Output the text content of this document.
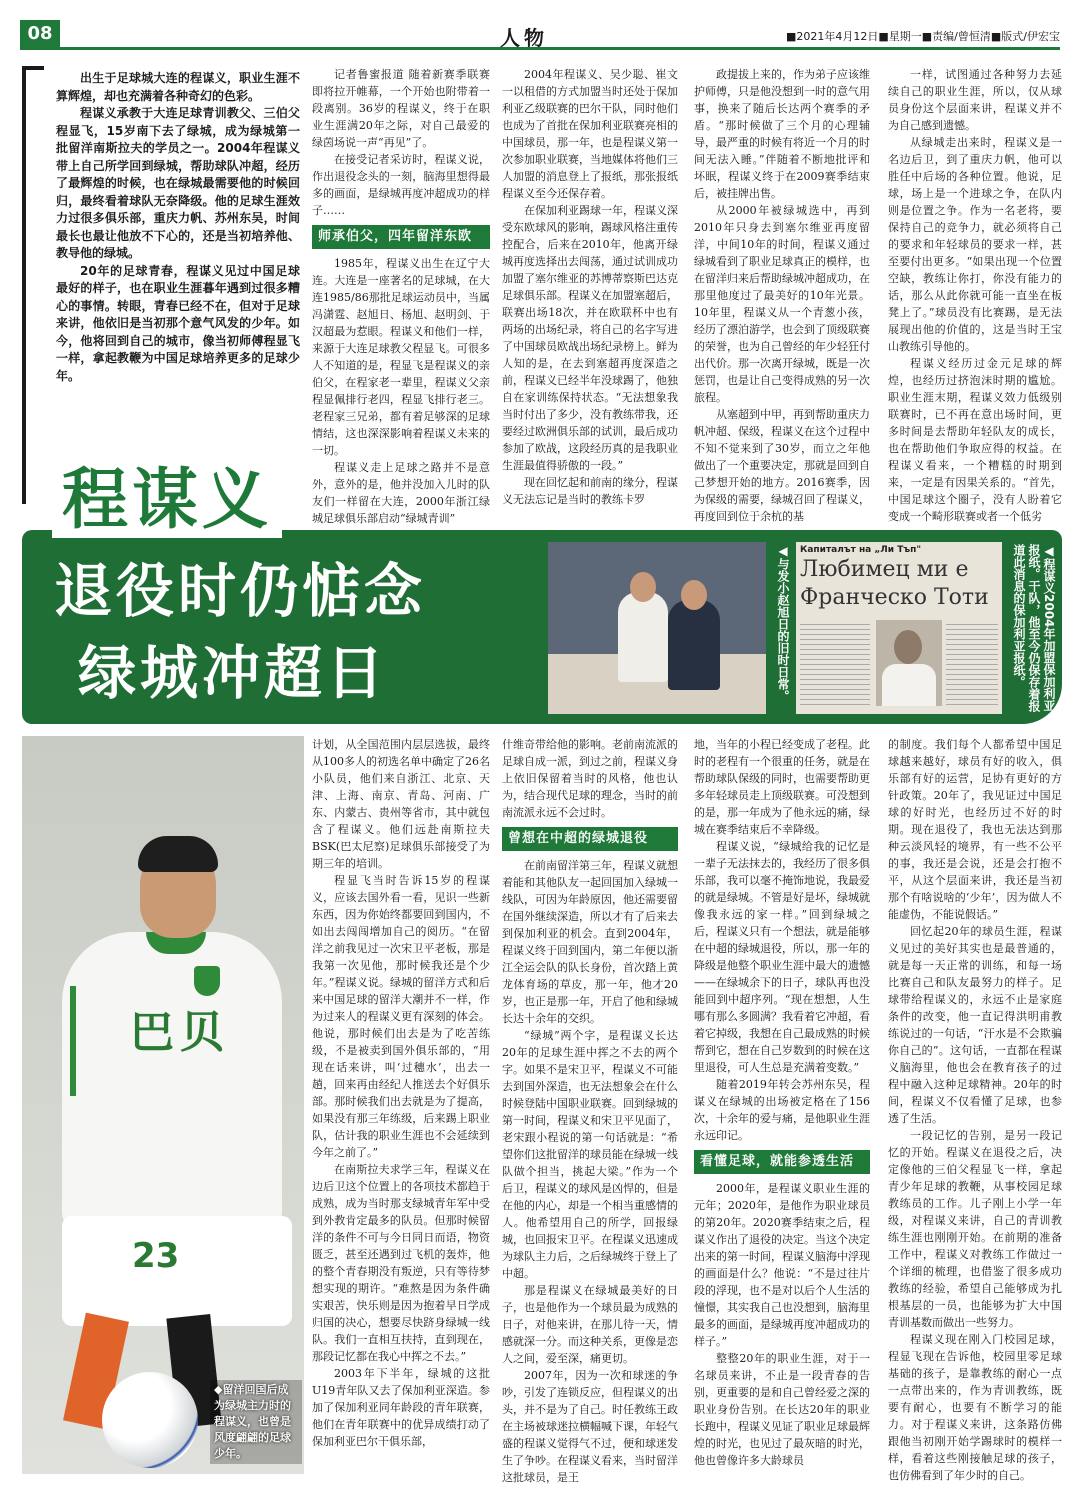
08	人物	■2021年4月12日■星期一■责编/曾恒清■版式/伊宏宝

出生于足球城大连的程谋义，职业生涯不算辉煌，却也充满着各种奇幻的色彩。

程谋义承教于大连足球青训教父、三伯父程显飞，15岁南下去了绿城，成为绿城第一批留洋南斯拉夫的学员之一。2004年程谋义带上自己所学回到绿城，帮助球队冲超，经历了最辉煌的时候，也在绿城最需要他的时候回归，最终看着球队无奈降级。他的足球生涯效力过很多俱乐部，重庆力帆、苏州东吴，时间最长也最让他放不下心的，还是当初培养他、教导他的绿城。

20年的足球青春，程谋义见过中国足球最好的样子，也在职业生涯暮年遇到过很多糟心的事情。转眼，青春已经不在，但对于足球来讲，他依旧是当初那个意气风发的少年。如今，他将回到自己的城市，像当初师傅程显飞一样，拿起教鞭为中国足球培养更多的足球少年。

记者鲁蜜报道 随着新赛季联赛即将拉开帷幕，一个开始也附带着一段离别。36岁的程谋义，终于在职业生涯满20年之际，对自己最爱的绿茵场说一声“再见”了。

在接受记者采访时，程谋义说，作出退役念头的一刻，脑海里想得最多的画面，是绿城再度冲超成功的样子……

师承伯父，四年留洋东欧

1985年，程谋义出生在辽宁大连。大连是一座著名的足球城，在大连1985/86那批足球运动员中，当属冯潇霆、赵旭日、杨旭、赵明剑、于汉超最为惹眼。程谋义和他们一样，来源于大连足球教父程显飞。可很多人不知道的是，程显飞是程谋义的亲伯父，在程家老一辈里，程谋义父亲程显佩排行老四，程显飞排行老三。老程家三兄弟，都有着足够深的足球情结，这也深深影响着程谋义未来的一切。

程谋义走上足球之路并不是意外，意外的是，他并没加入儿时的队友们一样留在大连，2000年浙江绿城足球俱乐部启动“绿城青训”

2004年程谋义、吴少聪、崔文一以租借的方式加盟当时还处于保加利亚乙级联赛的巴尔干队，同时他们也成为了首批在保加利亚联赛亮相的中国球员，那一年，也是程谋义第一次参加职业联赛，当地媒体将他们三人加盟的消息登上了报纸，那张报纸程谋义至今还保存着。

在保加利亚踢球一年，程谋义深受东欧球风的影响，踢球风格注重传控配合，后来在2010年，他离开绿城再度选择出去闯荡，通过试训成功加盟了塞尔维亚的苏博蒂察斯巴达克足球俱乐部。程谋义在加盟塞超后，联赛出场18次，并在欧联杯中也有两场的出场纪录，将自己的名字写进了中国球员欧战出场纪录榜上。鲜为人知的是，在去到塞超再度深造之前，程谋义已经半年没球踢了，他独自在家训练保持状态。“无法想象我当时付出了多少，没有教练带我，还要经过欧洲俱乐部的试训，最后成功参加了欧战，这段经历真的是我职业生涯最值得骄傲的一段。”

现在回忆起和前南的缘分，程谋义无法忘记是当时的教练卡罗

政提拔上来的，作为弟子应该维护师傅，只是他没想到一时的意气用事，换来了随后长达两个赛季的矛盾。“那时候做了三个月的心理辅导，最严重的时候有将近一个月的时间无法入睡。”伴随着不断地批评和坏眠，程谋义终于在2009赛季结束后，被挂牌出售。

从2000年被绿城选中，再到2010年只身去到塞尔维亚再度留洋，中间10年的时间，程谋义通过绿城看到了职业足球真正的模样，也在留洋归来后帮助绿城冲超成功，在那里他度过了最美好的10年光景。10年里，程谋义从一个青葱小孩，经历了漂泊游学，也会到了顶级联赛的荣誉，也为自己曾经的年少轻狂付出代价。那一次离开绿城，既是一次惩罚，也是让自己变得成熟的另一次旅程。

从塞超到中甲，再到帮助重庆力帆冲超、保级，程谋义在这个过程中不知不觉来到了30岁，而立之年他做出了一个重要决定，那就是回到自己梦想开始的地方。2016赛季，因为保级的需要，绿城召回了程谋义，再度回到位于余杭的基

一样，试图通过各种努力去延续自己的职业生涯，所以，仅从球员身份这个层面来讲，程谋义并不为自己感到遗憾。

从绿城走出来时，程谋义是一名边后卫，到了重庆力帆，他可以胜任中后场的各种位置。他说，足球，场上是一个进球之争，在队内则是位置之争。作为一名老将，要保持自己的竞争力，就必须将自己的要求和年轻球员的要求一样，甚至要付出更多。“如果出现一个位置空缺，教练让你打，你没有能力的话，那么从此你就可能一直坐在板凳上了。”球员没有比赛踢，是无法展现出他的价值的，这是当时王宝山教练引导他的。

程谋义经历过金元足球的辉煌，也经历过挤泡沫时期的尴尬。职业生涯末期，程谋义效力低级别联赛时，已不再在意出场时间，更多时间是去帮助年轻队友的成长，也在帮助他们争取应得的权益。在程谋义看来，一个糟糕的时期到来，一定是有因果关系的。“首先，中国足球这个圈子，没有人盼着它变成一个畸形联赛或者一个低劣

程谋义
退役时仍惦念
绿城冲超日	◀与发小赵旭日的旧时日常。 Капиталът на „Ли Тъп"
Любимец ми е Франческо Тоти	◀程谋义2004年加盟保加利亚报纸。干队，他至今仍保存着报道此消息的保加利亚报纸。
巴贝
23
◆留洋回国后成为绿城主力时的程谋义，也曾是风度翩翩的足球少年。

计划，从全国范围内层层选拔，最终从100多人的初选名单中确定了26名小队员，他们来自浙江、北京、天津、上海、南京、青岛、河南、广东、内蒙古、贵州等省市，其中就包含了程谋义。他们远赴南斯拉夫BSK(巴太尼察)足球俱乐部接受了为期三年的培训。

程显飞当时告诉15岁的程谋义，应该去国外看一看，见识一些新东西，因为你始终都要回到国内，不如出去闯闯增加自己的阅历。“在留洋之前我见过一次宋卫平老板，那是我第一次见他，那时候我还是个少年。”程谋义说。绿城的留洋方式和后来中国足球的留洋大潮并不一样，作为过来人的程谋义更有深刻的体会。他说，那时候们出去是为了吃苦练级，不是被卖到国外俱乐部的，“用现在话来讲，叫‘过穗水’，出去一趟，回来再由经纪人推送去个好俱乐部。那时候我们出去就是为了提高，如果没有那三年练级，后来踢上职业队，估计我的职业生涯也不会延续到今年之前了。”

在南斯拉夫求学三年，程谋义在边后卫这个位置上的各项技术都趋于成熟，成为当时那支绿城青年军中受到外教肯定最多的队员。但那时候留洋的条件不可与今日同日而语，物资匮乏，甚至还遇到过飞机的轰炸，他的整个青春期没有叛逆，只有等待梦想实现的期许。“难熬是因为条件确实艰苦，快乐则是因为抱着早日学成归国的决心，想要尽快跻身绿城一线队。我们一直相互扶持，直到现在，那段记忆都在我心中挥之不去。”

2003年下半年，绿城的这批U19青年队又去了保加利亚深造。参加了保加利亚同年龄段的青年联赛，他们在青年联赛中的优异成绩打动了保加利亚巴尔干俱乐部，

什维奇带给他的影响。老前南流派的足球自成一派，到过之前，程谋义身上依旧保留着当时的风格，他也认为，结合现代足球的理念，当时的前南流派永远不会过时。

曾想在中超的绿城退役

在前南留洋第三年，程谋义就想着能和其他队友一起回国加入绿城一线队，可因为年龄原因，他还需要留在国外继续深造，所以才有了后来去到保加利亚的机会。直到2004年，程谋义终于回到国内，第二年便以浙江全运会队的队长身份，首次踏上黄龙体育场的草皮，那一年，他才20岁，也正是那一年，开启了他和绿城长达十余年的交织。

“绿城”两个字，是程谋义长达20年的足球生涯中挥之不去的两个字。如果不是宋卫平，程谋义不可能去到国外深造，也无法想象会在什么时候登陆中国职业联赛。回到绿城的第一时间，程谋义和宋卫平见面了，老宋跟小程说的第一句话就是：“希望你们这批留洋的球员能在绿城一线队做个担当，挑起大梁。”作为一个后卫，程谋义的球风是凶悍的，但是在他的内心，却是一个相当重感情的人。他希望用自己的所学，回报绿城，也回报宋卫平。在程谋义迅速成为球队主力后，之后绿城终于登上了中超。

那是程谋义在绿城最美好的日子，也是他作为一个球员最为成熟的日子，对他来讲，在那儿待一天，情感就深一分。而这种关系，更像是恋人之间，爱至深，痛更切。

2007年，因为一次和球迷的争吵，引发了连锁反应，但程谋义的出头，并不是为了自己。时任教练王政在主场被球迷拉横幅喊下课，年轻气盛的程谋义觉得气不过，便和球迷发生了争吵。在程谋义看来，当时留洋这批球员，是王

地，当年的小程已经变成了老程。此时的老程有一个很重的任务，就是在帮助球队保级的同时，也需要帮助更多年轻球员走上顶级联赛。可没想到的是，那一年成为了他永远的痛，绿城在赛季结束后不幸降级。

程谋义说，“绿城给我的记忆是一辈子无法抹去的，我经历了很多俱乐部，我可以毫不掩饰地说，我最爱的就是绿城。不管是好是坏，绿城就像我永远的家一样。”回到绿城之后，程谋义只有一个想法，就是能够在中超的绿城退役，所以，那一年的降级是他整个职业生涯中最大的遗憾——在绿城余下的日子，球队再也没能回到中超序列。“现在想想，人生哪有那么多圆满？我看着它冲超，看着它掉级，我想在自己最成熟的时候帮到它，想在自己岁数到的时候在这里退役，可人生总是充满着变数。”

随着2019年转会苏州东吴，程谋义在绿城的出场被定格在了156次，十余年的爱与痛，是他职业生涯永远印记。

看懂足球，就能参透生活

2000年，是程谋义职业生涯的元年；2020年，是他作为职业球员的第20年。2020赛季结束之后，程谋义作出了退役的决定。当这个决定出来的第一时间，程谋义脑海中浮现的画面是什么？他说：“不是过往片段的浮现，也不是对以后个人生活的憧憬，其实我自己也没想到，脑海里最多的画面，是绿城再度冲超成功的样子。”

整整20年的职业生涯，对于一名球员来讲，不止是一段青春的告别，更重要的是和自己曾经爱之深的职业身份告别。在长达20年的职业长跑中，程谋义见证了职业足球最辉煌的时光，也见过了最灰暗的时光，他也曾像许多大龄球员

的制度。我们每个人都希望中国足球越来越好，球员有好的收入，俱乐部有好的运营，足协有更好的方针政策。20年了，我见证过中国足球的好时光，也经历过不好的时期。现在退役了，我也无法达到那种云淡风轻的境界，有一些不公平的事，我还是会说，还是会打抱不平，从这个层面来讲，我还是当初那个有啥说啥的‘少年’，因为做人不能虚伪，不能说假话。”

回忆起20年的球员生涯，程谋义见过的美好其实也是最普通的，就是每一天正常的训练，和每一场比赛自己和队友最努力的样子。足球带给程谋义的，永远不止是家庭条件的改变，他一直记得洪明甫教练说过的一句话，“汗水是不会欺骗你自己的”。这句话，一直都在程谋义脑海里，他也会在教育孩子的过程中融入这种足球精神。20年的时间，程谋义不仅看懂了足球，也参透了生活。

一段记忆的告别，是另一段记忆的开始。程谋义在退役之后，决定像他的三伯父程显飞一样，拿起青少年足球的教鞭，从事校园足球教练员的工作。儿子刚上小学一年级，对程谋义来讲，自己的青训教练生涯也刚刚开始。在前期的准备工作中，程谋义对教练工作做过一个详细的梳理，也借鉴了很多成功教练的经验，希望自己能够成为扎根基层的一员，也能够为扩大中国青训基数而做出一些努力。

程谋义现在刚入门校园足球，程显飞现在告诉他，校园里零足球基础的孩子，是靠教练的耐心一点一点带出来的，作为青训教练，既要有耐心，也要有不断学习的能力。对于程谋义来讲，这条路仿佛跟他当初刚开始学踢球时的模样一样，看着这些刚接触足球的孩子，也仿佛看到了年少时的自己。
